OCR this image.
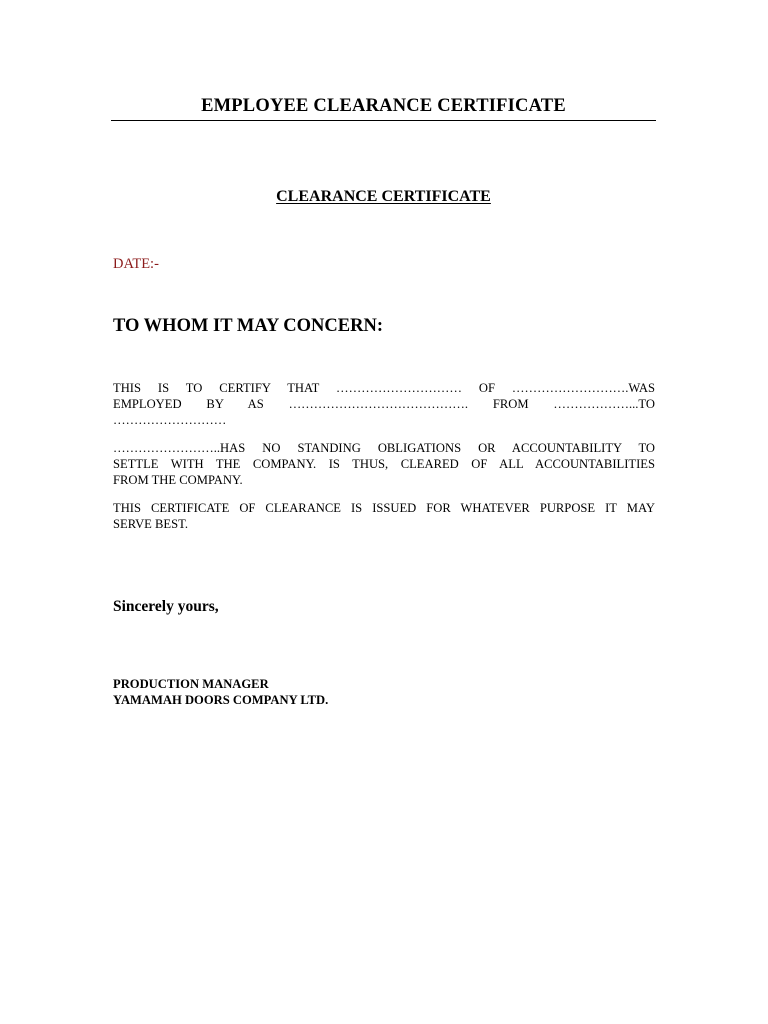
EMPLOYEE CLEARANCE CERTIFICATE
CLEARANCE CERTIFICATE

DATE:-

TO WHOM IT MAY CONCERN:

THIS IS TO CERTIFY THAT ………………………… OF ……………………….WAS
EMPLOYED BY AS ……………………………………. FROM ………………...TO
………………………
……………………..HAS NO STANDING OBLIGATIONS OR ACCOUNTABILITY TO
SETTLE WITH THE COMPANY. IS THUS, CLEARED OF ALL ACCOUNTABILITIES
FROM THE COMPANY.
THIS CERTIFICATE OF CLEARANCE IS ISSUED FOR WHATEVER PURPOSE IT MAY
SERVE BEST.

Sincerely yours,

PRODUCTION MANAGER
YAMAMAH DOORS COMPANY LTD.
